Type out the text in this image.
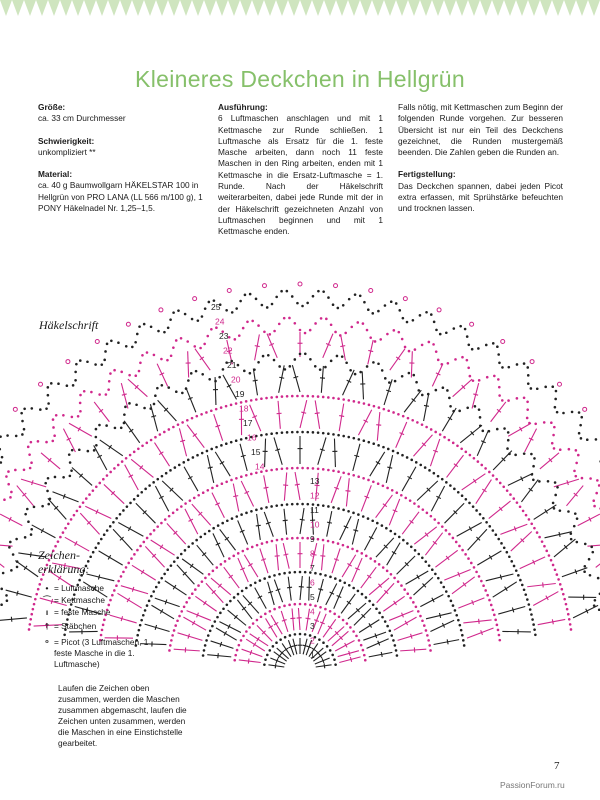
Kleineres Deckchen in Hellgrün
Größe:
ca. 33 cm Durchmesser
Schwierigkeit:
unkompliziert **
Material:
ca. 40 g Baumwollgarn HÄKELSTAR 100 in Hellgrün von PRO LANA (LL 566 m/100 g), 1 PONY Häkelnadel Nr. 1,25–1,5.
Ausführung:
6 Luftmaschen anschlagen und mit 1 Kettmasche zur Runde schließen. 1 Luftmasche als Ersatz für die 1. feste Masche arbeiten, dann noch 11 feste Maschen in den Ring arbeiten, enden mit 1 Kettmasche in die Ersatz-Luftmasche = 1. Runde. Nach der Häkelschrift weiterarbeiten, dabei jede Runde mit der in der Häkelschrift gezeichneten Anzahl von Luftmaschen beginnen und mit 1 Kettmasche enden.
Falls nötig, mit Kettmaschen zum Beginn der folgenden Runde vorgehen. Zur besseren Übersicht ist nur ein Teil des Deckchens gezeichnet, die Runden mustergemäß beenden. Die Zahlen geben die Runden an.
Fertigstellung:
Das Deckchen spannen, dabei jeden Picot extra erfassen, mit Sprühstärke befeuchten und trocknen lassen.
1
2
3
4
5
6
7
8
9
10
11
12
13
14
15
16
17
18
19
20
21
22
23
24
25
Häkelschrift
Zeichen-erklärung:
• = Luftmasche
⌒ = Kettmasche
ı = feste Masche
† = Stäbchen
ᵒ = Picot (3 Luftmaschen, 1 feste Masche in die 1. Luftmasche)
Laufen die Zeichen oben zusammen, werden die Maschen zusammen abgemascht, laufen die Zeichen unten zusammen, werden die Maschen in eine Einstichstelle gearbeitet.
7
PassionForum.ru
